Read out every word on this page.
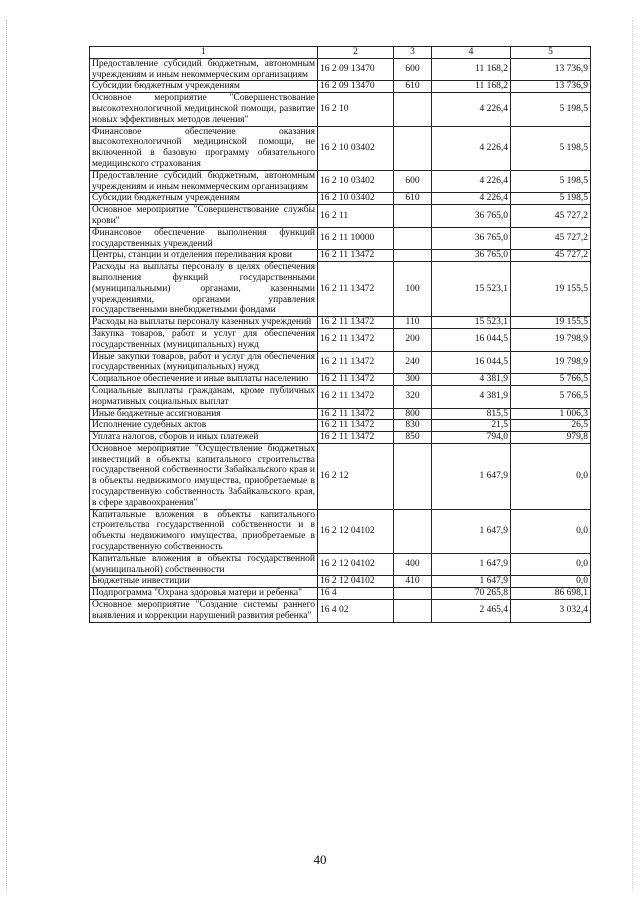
1	2	3	4	5
Предоставление субсидий бюджетным, автономным учреждениям и иным некоммерческим организациям	16 2 09 13470	600	11 168,2	13 736,9
Субсидии бюджетным учреждениям	16 2 09 13470	610	11 168,2	13 736,9
Основное мероприятие "Совершенствование высокотехнологичной медицинской помощи, развитие новых эффективных методов лечения"	16 2 10		4 226,4	5 198,5
Финансовое обеспечение оказания высокотехнологичной медицинской помощи, не включенной в базовую программу обязательного медицинского страхования	16 2 10 03402		4 226,4	5 198,5
Предоставление субсидий бюджетным, автономным учреждениям и иным некоммерческим организациям	16 2 10 03402	600	4 226,4	5 198,5
Субсидии бюджетным учреждениям	16 2 10 03402	610	4 226,4	5 198,5
Основное мероприятие "Совершенствование службы крови"	16 2 11		36 765,0	45 727,2
Финансовое обеспечение выполнения функций государственных учреждений	16 2 11 10000		36 765,0	45 727,2
Центры, станции и отделения переливания крови	16 2 11 13472		36 765,0	45 727,2
Расходы на выплаты персоналу в целях обеспечения выполнения функций государственными (муниципальными) органами, казенными учреждениями, органами управления государственными внебюджетными фондами	16 2 11 13472	100	15 523,1	19 155,5
Расходы на выплаты персоналу казенных учреждений	16 2 11 13472	110	15 523,1	19 155,5
Закупка товаров, работ и услуг для обеспечения государственных (муниципальных) нужд	16 2 11 13472	200	16 044,5	19 798,9
Иные закупки товаров, работ и услуг для обеспечения государственных (муниципальных) нужд	16 2 11 13472	240	16 044,5	19 798,9
Социальное обеспечение и иные выплаты населению	16 2 11 13472	300	4 381,9	5 766,5
Социальные выплаты гражданам, кроме публичных нормативных социальных выплат	16 2 11 13472	320	4 381,9	5 766,5
Иные бюджетные ассигнования	16 2 11 13472	800	815,5	1 006,3
Исполнение судебных актов	16 2 11 13472	830	21,5	26,5
Уплата налогов, сборов и иных платежей	16 2 11 13472	850	794,0	979,8
Основное мероприятие "Осуществление бюджетных инвестиций в объекты капитального строительства государственной собственности Забайкальского края и в объекты недвижимого имущества, приобретаемые в государственную собственность Забайкальского края, в сфере здравоохранения"	16 2 12		1 647,9	0,0
Капитальные вложения в объекты капитального строительства государственной собственности и в объекты недвижимого имущества, приобретаемые в государственную собственность	16 2 12 04102		1 647,9	0,0
Капитальные вложения в объекты государственной (муниципальной) собственности	16 2 12 04102	400	1 647,9	0,0
Бюджетные инвестиции	16 2 12 04102	410	1 647,9	0,0
Подпрограмма "Охрана здоровья матери и ребенка"	16 4		70 265,8	86 698,1
Основное мероприятие "Создание системы раннего выявления и коррекции нарушений развития ребенка"	16 4 02		2 465,4	3 032,4
40
